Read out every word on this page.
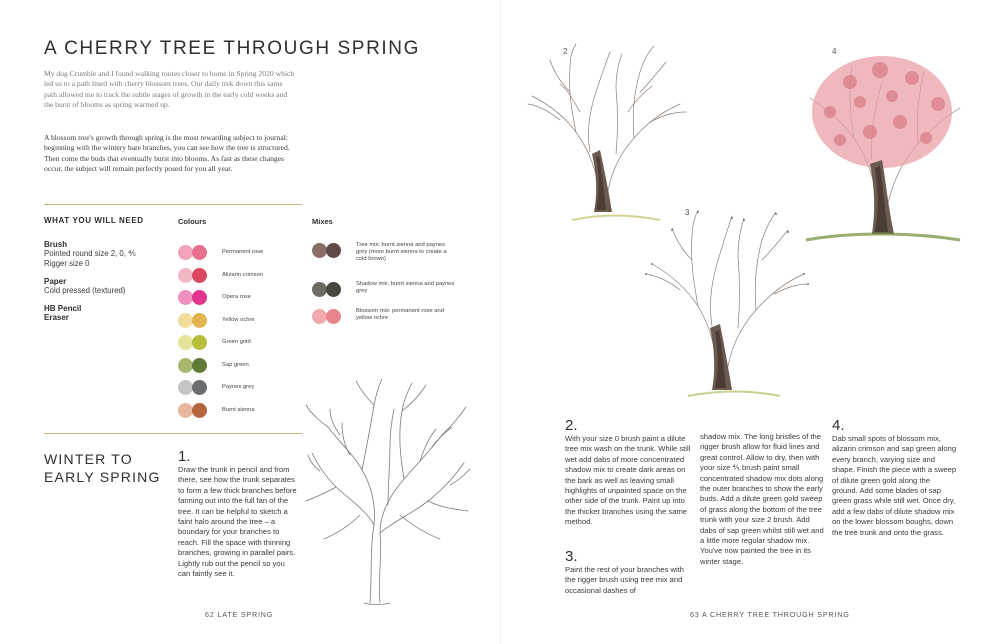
A CHERRY TREE THROUGH SPRING
My dog Crumble and I found walking routes closer to home in Spring 2020 which led us to a path lined with cherry blossom trees. Our daily trek down this same path allowed me to track the subtle stages of growth in the early cold weeks and the burst of blooms as spring warmed up.
A blossom tree's growth through spring is the most rewarding subject to journal: beginning with the wintery bare branches, you can see how the tree is structured. Then come the buds that eventually burst into blooms. As fast as these changes occur, the subject will remain perfectly posed for you all year.
WHAT YOU WILL NEED
Brush
Pointed round size 2, 0, ⅘
Rigger size 0
Paper
Cold pressed (textured)
HB Pencil
Eraser
Colours	Mixes
Permanent rose
Alizarin crimson
Opera rose
Yellow ochre
Green gold
Sap green
Paynes grey
Burnt sienna
Tree mix: burnt sienna and paynes grey (more burnt sienna to create a cold brown)
Shadow mix: burnt sienna and paynes grey
Blossom mix: permanent rose and yellow ochre
WINTER TO
EARLY SPRING
1.
Draw the trunk in pencil and from there, see how the trunk separates to form a few thick branches before fanning out into the full fan of the tree. It can be helpful to sketch a faint halo around the tree – a boundary for your branches to reach. Fill the space with thinning branches, growing in parallel pairs. Lightly rub out the pencil so you can faintly see it.
62 LATE SPRING
2
3
4
2.
With your size 0 brush paint a dilute tree mix wash on the trunk. While still wet add dabs of more concentrated shadow mix to create dark areas on the bark as well as leaving small highlights of unpainted space on the other side of the trunk. Paint up into the thicker branches using the same method.
3.
Paint the rest of your branches with the rigger brush using tree mix and occasional dashes of
shadow mix. The long bristles of the rigger brush allow for fluid lines and great control. Allow to dry, then with your size ⅘ brush paint small concentrated shadow mix dots along the outer branches to show the early buds. Add a dilute green gold sweep of grass along the bottom of the tree trunk with your size 2 brush. Add dabs of sap green whilst still wet and a little more regular shadow mix. You've now painted the tree in its winter stage.
4.
Dab small spots of blossom mix, alizarin crimson and sap green along every branch, varying size and shape. Finish the piece with a sweep of dilute green gold along the ground. Add some blades of sap green grass while still wet. Once dry, add a few dabs of dilute shadow mix on the lower blossom boughs, down the tree trunk and onto the grass.
63 A CHERRY TREE THROUGH SPRING
